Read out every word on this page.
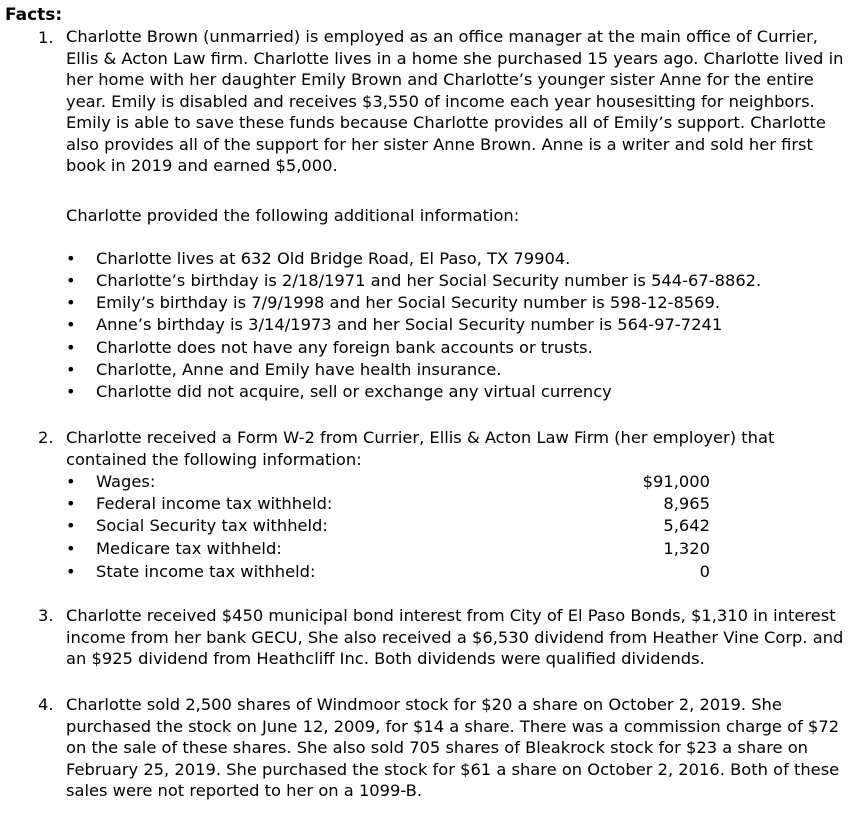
Facts:
1. Charlotte Brown (unmarried) is employed as an office manager at the main office of Currier, Ellis & Acton Law firm. Charlotte lives in a home she purchased 15 years ago. Charlotte lived in her home with her daughter Emily Brown and Charlotte’s younger sister Anne for the entire year. Emily is disabled and receives $3,550 of income each year housesitting for neighbors. Emily is able to save these funds because Charlotte provides all of Emily’s support. Charlotte also provides all of the support for her sister Anne Brown. Anne is a writer and sold her first book in 2019 and earned $5,000.
Charlotte provided the following additional information:
• Charlotte lives at 632 Old Bridge Road, El Paso, TX 79904.
• Charlotte’s birthday is 2/18/1971 and her Social Security number is 544-67-8862.
• Emily’s birthday is 7/9/1998 and her Social Security number is 598-12-8569.
• Anne’s birthday is 3/14/1973 and her Social Security number is 564-97-7241
• Charlotte does not have any foreign bank accounts or trusts.
• Charlotte, Anne and Emily have health insurance.
• Charlotte did not acquire, sell or exchange any virtual currency
2. Charlotte received a Form W-2 from Currier, Ellis & Acton Law Firm (her employer) that contained the following information:
• Wages:	$91,000
• Federal income tax withheld:	8,965
• Social Security tax withheld:	5,642
• Medicare tax withheld:	1,320
• State income tax withheld:	0
3. Charlotte received $450 municipal bond interest from City of El Paso Bonds, $1,310 in interest income from her bank GECU, She also received a $6,530 dividend from Heather Vine Corp. and an $925 dividend from Heathcliff Inc. Both dividends were qualified dividends.
4. Charlotte sold 2,500 shares of Windmoor stock for $20 a share on October 2, 2019. She purchased the stock on June 12, 2009, for $14 a share. There was a commission charge of $72 on the sale of these shares. She also sold 705 shares of Bleakrock stock for $23 a share on February 25, 2019. She purchased the stock for $61 a share on October 2, 2016. Both of these sales were not reported to her on a 1099-B.
